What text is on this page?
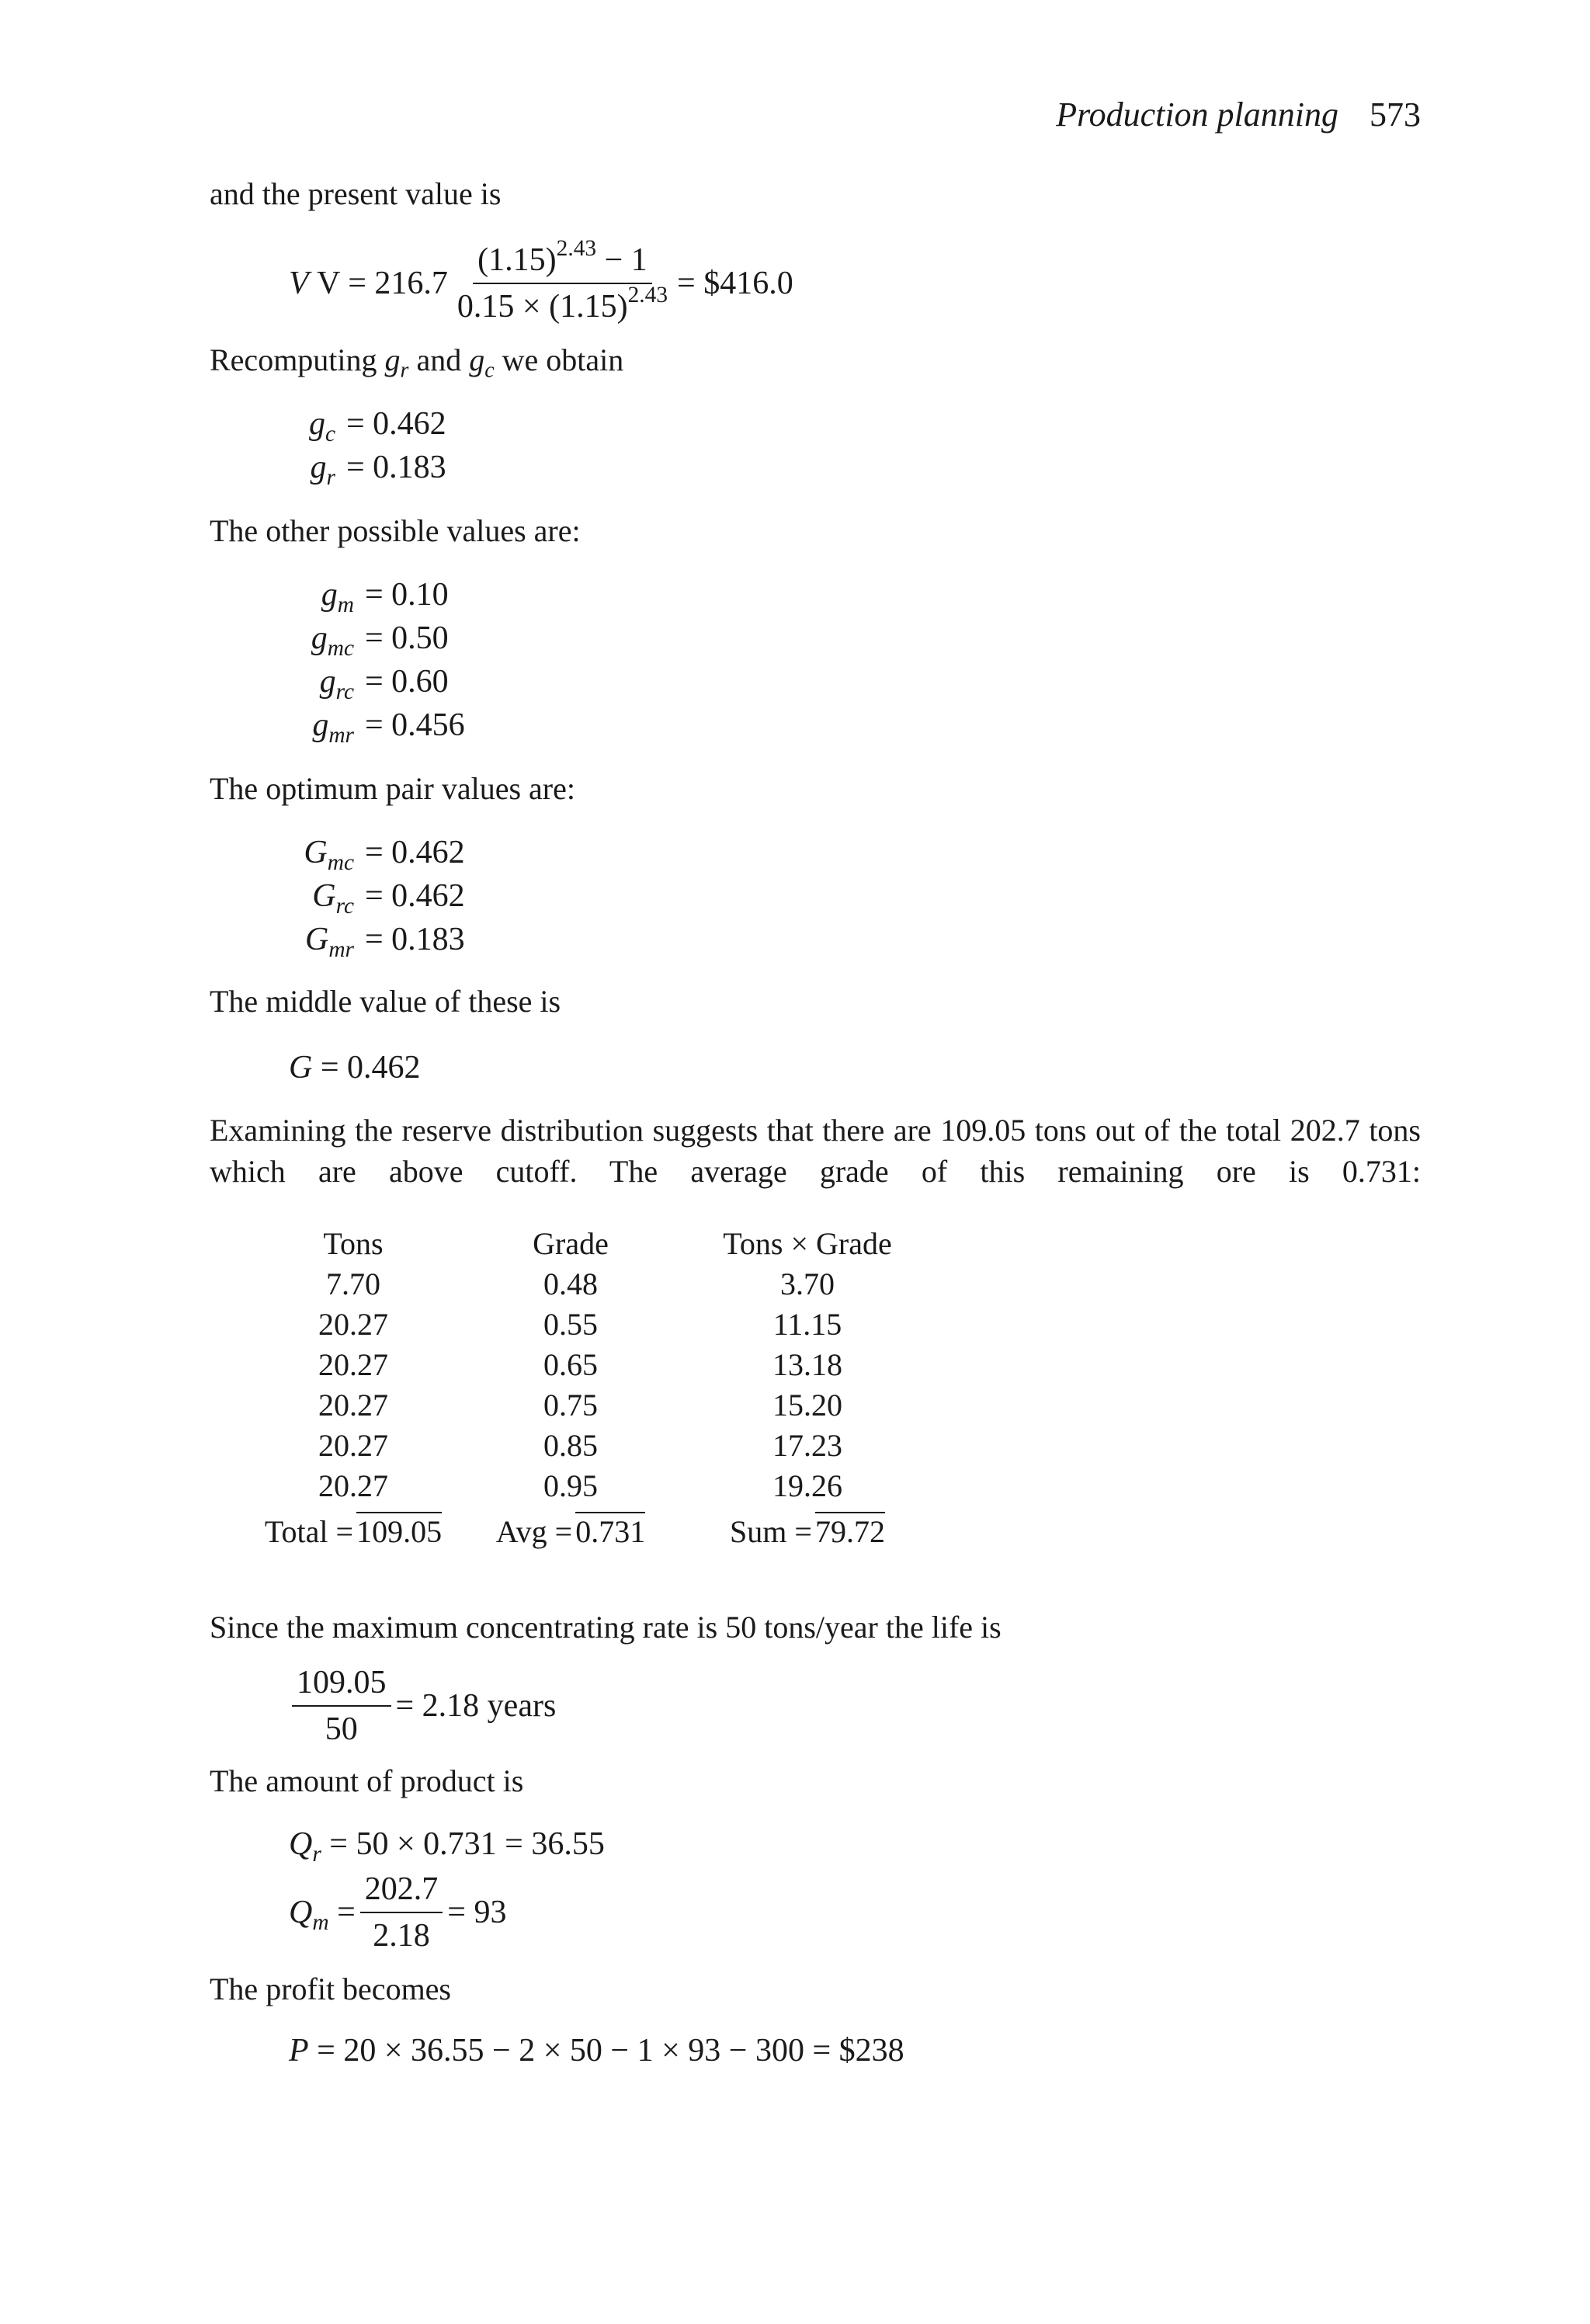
Production planning 573
and the present value is
V $V = 216.7 \frac{(1.15)^{2.43} - 1}{0.15 \times (1.15)^{2.43}}$ = $416.0
Recomputing $g_r$ and $g_c$ we obtain
$g_c = 0.462$
$g_r = 0.183$
The other possible values are:
$g_m = 0.10$
$g_{mc} = 0.50$
$g_{rc} = 0.60$
$g_{mr} = 0.456$
The optimum pair values are:
$G_{mc} = 0.462$
$G_{rc} = 0.462$
$G_{mr} = 0.183$
The middle value of these is
G = 0.462
Examining the reserve distribution suggests that there are 109.05 tons out of the total 202.7 tons which are above cutoff. The average grade of this remaining ore is 0.731:
Tons	Grade	Tons × Grade
7.70	0.48	3.70
20.27	0.55	11.15
20.27	0.65	13.18
20.27	0.75	15.20
20.27	0.85	17.23
20.27	0.95	19.26
Total = 109.05	Avg = 0.731	Sum = 79.72
Since the maximum concentrating rate is 50 tons/year the life is
$\frac{109.05}{50} = 2.18$ years
The amount of product is
$Q_r = 50 \times 0.731 = 36.55$
$Q_m = \frac{202.7}{2.18} = 93$
The profit becomes
P = 20 × 36.55 − 2 × 50 − 1 × 93 − 300 = $238
